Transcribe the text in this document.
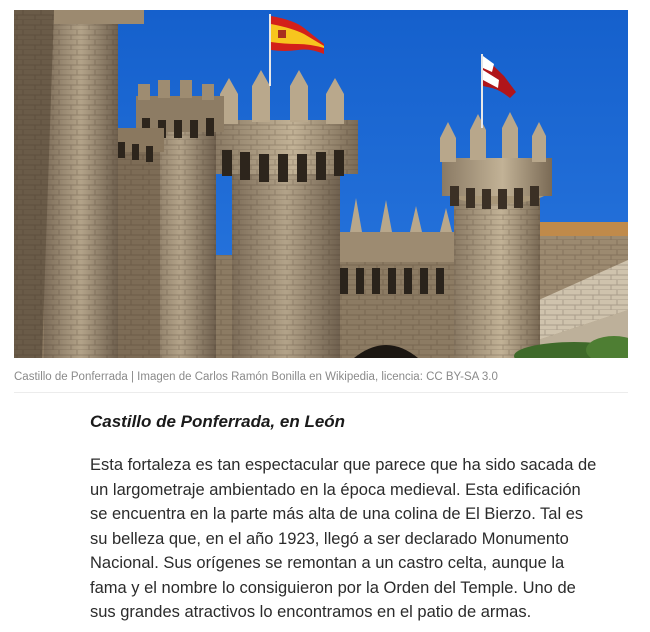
Castillo de Ponferrada | Imagen de Carlos Ramón Bonilla en Wikipedia, licencia: CC BY-SA 3.0
Castillo de Ponferrada, en León

Esta fortaleza es tan espectacular que parece que ha sido sacada de
un largometraje ambientado en la época medieval. Esta edificación
se encuentra en la parte más alta de una colina de El Bierzo. Tal es
su belleza que, en el año 1923, llegó a ser declarado Monumento
Nacional. Sus orígenes se remontan a un castro celta, aunque la
fama y el nombre lo consiguieron por la Orden del Temple. Uno de
sus grandes atractivos lo encontramos en el patio de armas.
